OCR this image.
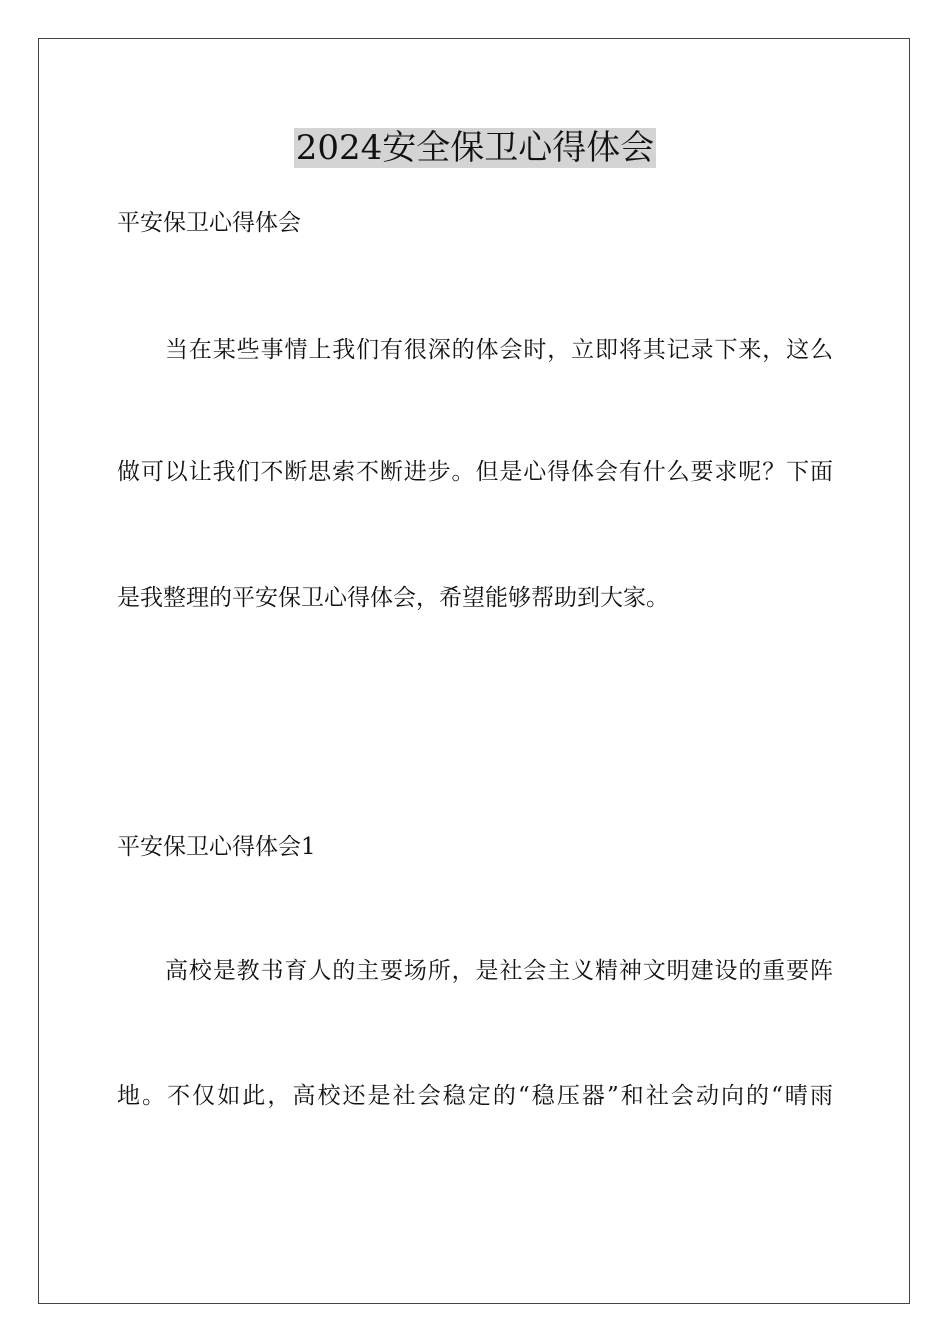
2024安全保卫心得体会
平安保卫心得体会
当在某些事情上我们有很深的体会时，立即将其记录下来，这么
做可以让我们不断思索不断进步。但是心得体会有什么要求呢？下面
是我整理的平安保卫心得体会，希望能够帮助到大家。
平安保卫心得体会1
高校是教书育人的主要场所，是社会主义精神文明建设的重要阵
地。不仅如此，高校还是社会稳定的“稳压器”和社会动向的“晴雨
